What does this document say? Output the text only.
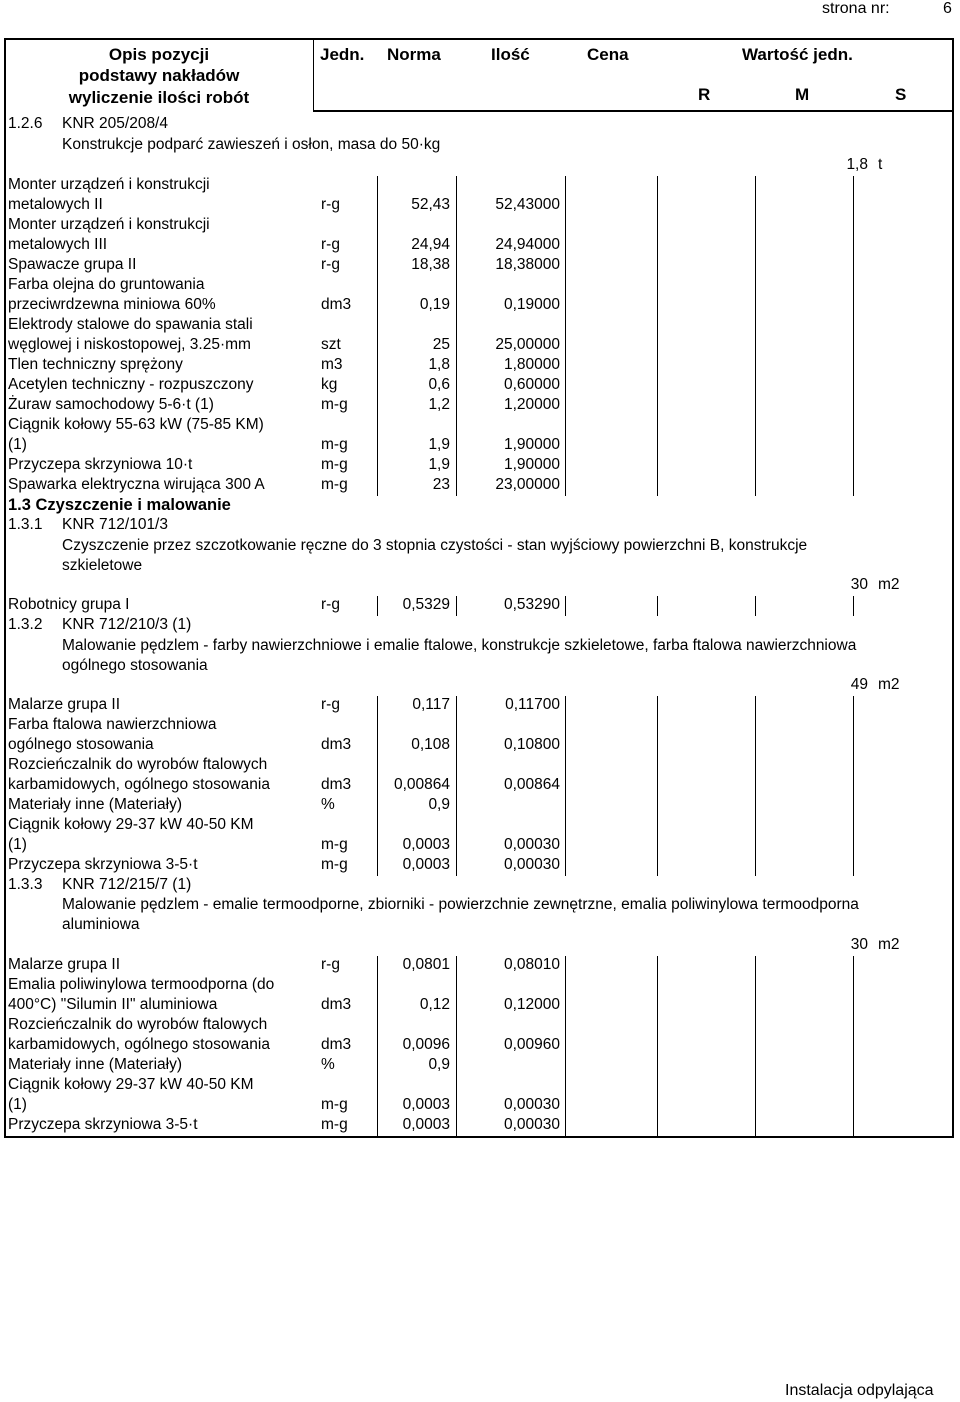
strona nr:	6
Opis pozycji
podstawy nakładów
wyliczenie ilości robót
Jedn. Norma	Ilość	Cena	Wartość jedn.
R	M	S
1.2.6 KNR 205/208/4
Konstrukcje podparć zawieszeń i osłon, masa do 50·kg
1,8 t
Monter urządzeń i konstrukcji
metalowych II	r-g	52,43	52,43000
Monter urządzeń i konstrukcji
metalowych III	r-g	24,94	24,94000
Spawacze grupa II	r-g	18,38	18,38000
Farba olejna do gruntowania
przeciwrdzewna miniowa 60%	dm3	0,19	0,19000
Elektrody stalowe do spawania stali
węglowej i niskostopowej, 3.25·mm	szt	25	25,00000
Tlen techniczny sprężony	m3	1,8	1,80000
Acetylen techniczny - rozpuszczony	kg	0,6	0,60000
Żuraw samochodowy 5-6·t (1)	m-g	1,2	1,20000
Ciągnik kołowy 55-63 kW (75-85 KM)
(1)	m-g	1,9	1,90000
Przyczepa skrzyniowa 10·t	m-g	1,9	1,90000
Spawarka elektryczna wirująca 300 A	m-g	23	23,00000
1.3 Czyszczenie i malowanie
1.3.1 KNR 712/101/3
Czyszczenie przez szczotkowanie ręczne do 3 stopnia czystości - stan wyjściowy powierzchni B, konstrukcje
szkieletowe
30 m2
Robotnicy grupa I	r-g	0,5329	0,53290
1.3.2 KNR 712/210/3 (1)
Malowanie pędzlem - farby nawierzchniowe i emalie ftalowe, konstrukcje szkieletowe, farba ftalowa nawierzchniowa
ogólnego stosowania
49 m2
Malarze grupa II	r-g	0,117	0,11700
Farba ftalowa nawierzchniowa
ogólnego stosowania	dm3	0,108	0,10800
Rozcieńczalnik do wyrobów ftalowych
karbamidowych, ogólnego stosowania	dm3	0,00864	0,00864
Materiały inne (Materiały)	%	0,9
Ciągnik kołowy 29-37 kW 40-50 KM
(1)	m-g	0,0003	0,00030
Przyczepa skrzyniowa 3-5·t	m-g	0,0003	0,00030
1.3.3 KNR 712/215/7 (1)
Malowanie pędzlem - emalie termoodporne, zbiorniki - powierzchnie zewnętrzne, emalia poliwinylowa termoodporna
aluminiowa
30 m2
Malarze grupa II	r-g	0,0801	0,08010
Emalia poliwinylowa termoodporna (do
400°C) "Silumin II" aluminiowa	dm3	0,12	0,12000
Rozcieńczalnik do wyrobów ftalowych
karbamidowych, ogólnego stosowania	dm3	0,0096	0,00960
Materiały inne (Materiały)	%	0,9
Ciągnik kołowy 29-37 kW 40-50 KM
(1)	m-g	0,0003	0,00030
Przyczepa skrzyniowa 3-5·t	m-g	0,0003	0,00030
Instalacja odpylająca
